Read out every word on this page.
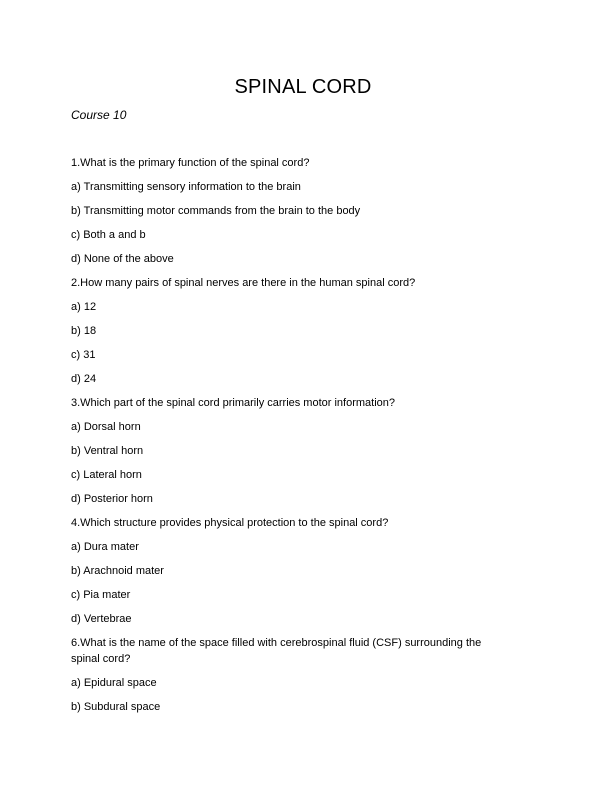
SPINAL CORD
Course 10
1.What is the primary function of the spinal cord?
a) Transmitting sensory information to the brain
b) Transmitting motor commands from the brain to the body
c) Both a and b
d) None of the above
2.How many pairs of spinal nerves are there in the human spinal cord?
a) 12
b) 18
c) 31
d) 24
3.Which part of the spinal cord primarily carries motor information?
a) Dorsal horn
b) Ventral horn
c) Lateral horn
d) Posterior horn
4.Which structure provides physical protection to the spinal cord?
a) Dura mater
b) Arachnoid mater
c) Pia mater
d) Vertebrae
6.What is the name of the space filled with cerebrospinal fluid (CSF) surrounding the spinal cord?
a) Epidural space
b) Subdural space
